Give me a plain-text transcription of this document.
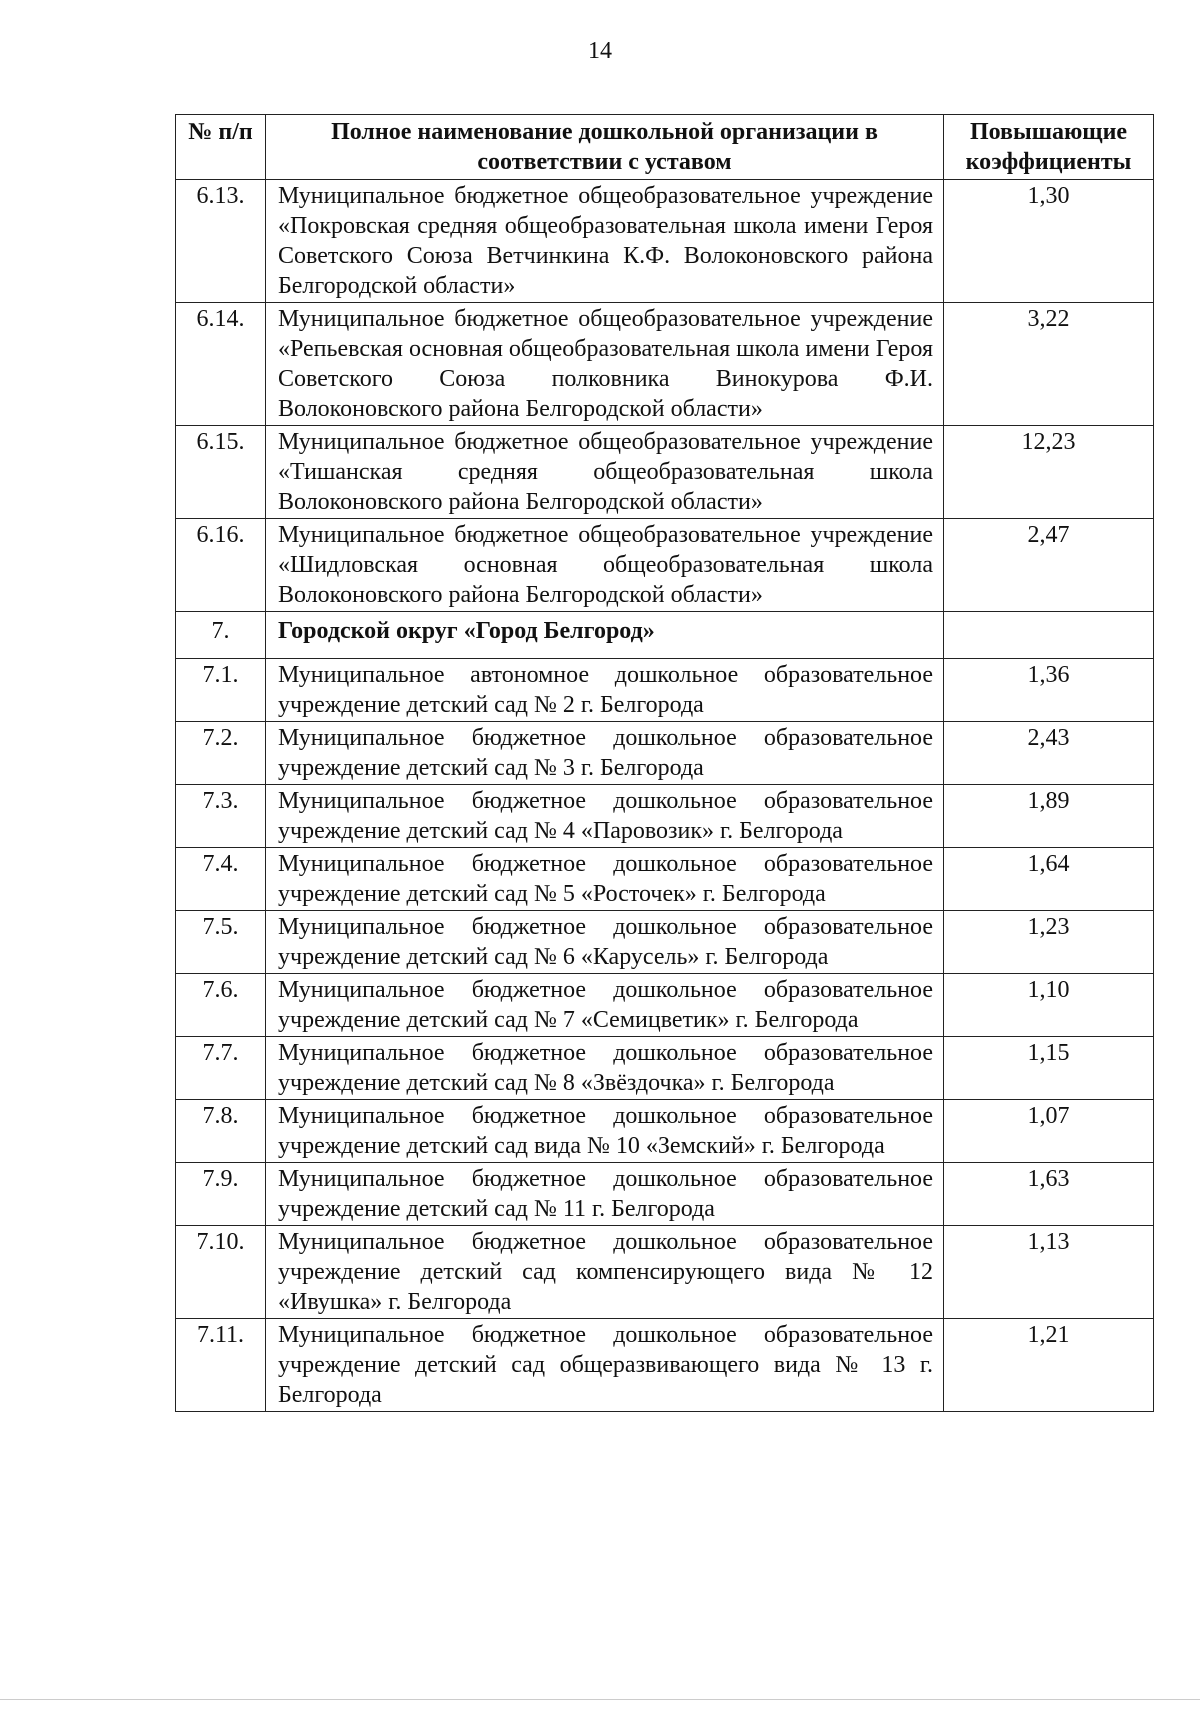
14
№ п/п	Полное наименование дошкольной организации в соответствии с уставом	Повышающие коэффициенты
6.13.	Муниципальное бюджетное общеобразовательное учреждение «Покровская средняя общеобразовательная школа имени Героя Советского Союза Ветчинкина К.Ф. Волоконовского района Белгородской области»	1,30
6.14.	Муниципальное бюджетное общеобразовательное учреждение «Репьевская основная общеобразовательная школа имени Героя Советского Союза полковника Винокурова Ф.И. Волоконовского района Белгородской области»	3,22
6.15.	Муниципальное бюджетное общеобразовательное учреждение «Тишанская средняя общеобразовательная школа Волоконовского района Белгородской области»	12,23
6.16.	Муниципальное бюджетное общеобразовательное учреждение «Шидловская основная общеобразовательная школа Волоконовского района Белгородской области»	2,47
7.	Городской округ «Город Белгород»	
7.1.	Муниципальное автономное дошкольное образовательное учреждение детский сад № 2 г. Белгорода	1,36
7.2.	Муниципальное бюджетное дошкольное образовательное учреждение детский сад № 3 г. Белгорода	2,43
7.3.	Муниципальное бюджетное дошкольное образовательное учреждение детский сад № 4 «Паровозик» г. Белгорода	1,89
7.4.	Муниципальное бюджетное дошкольное образовательное учреждение детский сад № 5 «Росточек» г. Белгорода	1,64
7.5.	Муниципальное бюджетное дошкольное образовательное учреждение детский сад № 6 «Карусель» г. Белгорода	1,23
7.6.	Муниципальное бюджетное дошкольное образовательное учреждение детский сад № 7 «Семицветик» г. Белгорода	1,10
7.7.	Муниципальное бюджетное дошкольное образовательное учреждение детский сад № 8 «Звёздочка» г. Белгорода	1,15
7.8.	Муниципальное бюджетное дошкольное образовательное учреждение детский сад вида № 10 «Земский» г. Белгорода	1,07
7.9.	Муниципальное бюджетное дошкольное образовательное учреждение детский сад № 11 г. Белгорода	1,63
7.10.	Муниципальное бюджетное дошкольное образовательное учреждение детский сад компенсирующего вида № 12 «Ивушка» г. Белгорода	1,13
7.11.	Муниципальное бюджетное дошкольное образовательное учреждение детский сад общеразвивающего вида № 13 г. Белгорода	1,21
